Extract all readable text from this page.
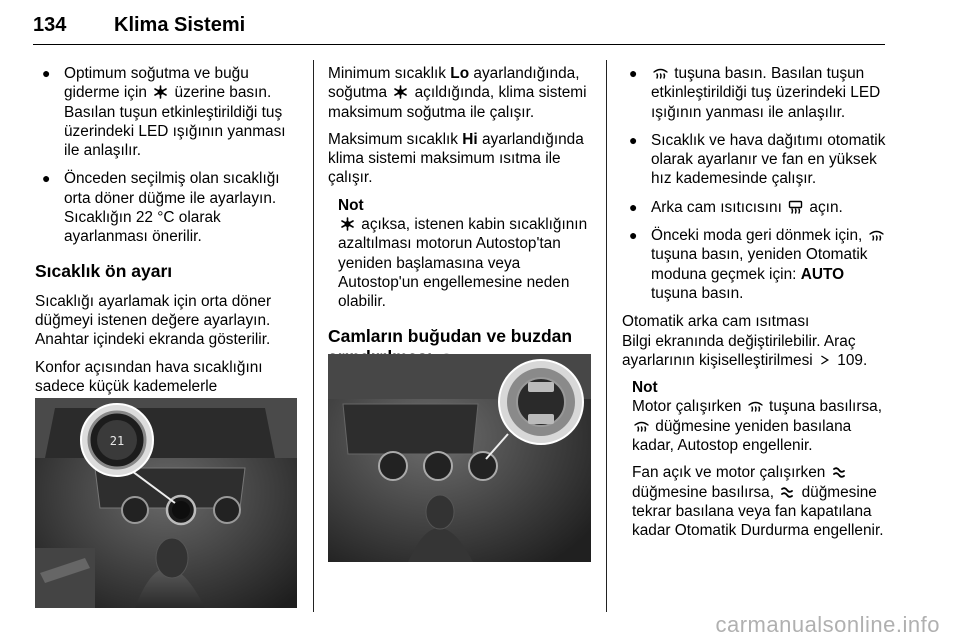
134 Klima Sistemi
● Optimum soğutma ve buğu giderme için üzerine basın. Basılan tuşun etkinleştirildiği tuş üzerindeki LED ışığının yanması ile anlaşılır.
● Önceden seçilmiş olan sıcaklığı orta döner düğme ile ayarlayın. Sıcaklığın 22 °C olarak ayarlanması önerilir.
Sıcaklık ön ayarı

Sıcaklığı ayarlamak için orta döner düğmeyi istenen değere ayarlayın. Anahtar içindeki ekranda gösterilir.

Konfor açısından hava sıcaklığını sadece küçük kademelerle

21

Minimum sıcaklık Lo ayarlandığında, soğutma açıldığında, klima sistemi maksimum soğutma ile çalışır.

Maksimum sıcaklık Hi ayarlandığında klima sistemi maksimum ısıtma ile çalışır.

Not
açıksa, istenen kabin sıcaklığının azaltılması motorun Autostop'tan yeniden başlamasına veya Autostop'un engellemesine neden olabilir.
Camların buğudan ve buzdan
● tuşuna basın. Basılan tuşun etkinleştirildiği tuş üzerindeki LED ışığının yanması ile anlaşılır.
● Sıcaklık ve hava dağıtımı otomatik olarak ayarlanır ve fan en yüksek hız kademesinde çalışır.
● Arka cam ısıtıcısını açın.
● Önceki moda geri dönmek için,  tuşuna basın, yeniden Otomatik moduna geçmek için: AUTO tuşuna basın.

Otomatik arka cam ısıtması

Bilgi ekranında değiştirilebilir. Araç ayarlarının kişiselleştirilmesi 109.

Not

Motor çalışırken tuşuna basılırsa,  düğmesine yeniden basılana kadar, Autostop engellenir.

Fan açık ve motor çalışırken  düğmesine basılırsa, düğmesine tekrar basılana veya fan kapatılana kadar Otomatik Durdurma engellenir.

carmanualsonline.info
